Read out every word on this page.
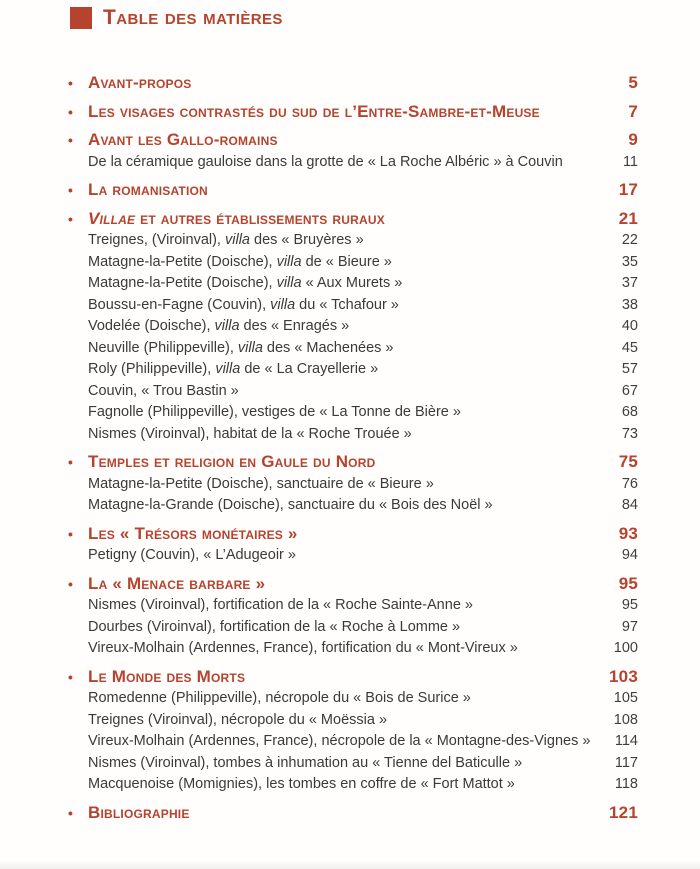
Table des matières
• Avant-propos	5
• Les visages contrastés du sud de l’Entre-Sambre-et-Meuse	7
• Avant les Gallo-romains	9
De la céramique gauloise dans la grotte de « La Roche Albéric » à Couvin	11
• La romanisation	17
• Villae et autres établissements ruraux	21
Treignes, (Viroinval), villa des « Bruyères »	22
Matagne-la-Petite (Doische), villa de « Bieure »	35
Matagne-la-Petite (Doische), villa « Aux Murets »	37
Boussu-en-Fagne (Couvin), villa du « Tchafour »	38
Vodelée (Doische), villa des « Enragés »	40
Neuville (Philippeville), villa des « Machenées »	45
Roly (Philippeville), villa de « La Crayellerie »	57
Couvin, « Trou Bastin »	67
Fagnolle (Philippeville), vestiges de « La Tonne de Bière »	68
Nismes (Viroinval), habitat de la « Roche Trouée »	73
• Temples et religion en Gaule du Nord	75
Matagne-la-Petite (Doische), sanctuaire de « Bieure »	76
Matagne-la-Grande (Doische), sanctuaire du « Bois des Noël »	84
• Les « Trésors monétaires »	93
Petigny (Couvin), « L’Adugeoir »	94
• La « Menace barbare »	95
Nismes (Viroinval), fortification de la « Roche Sainte-Anne »	95
Dourbes (Viroinval), fortification de la « Roche à Lomme »	97
Vireux-Molhain (Ardennes, France), fortification du « Mont-Vireux »	100
• Le Monde des Morts	103
Romedenne (Philippeville), nécropole du « Bois de Surice »	105
Treignes (Viroinval), nécropole du « Moëssia »	108
Vireux-Molhain (Ardennes, France), nécropole de la « Montagne-des-Vignes »	114
Nismes (Viroinval), tombes à inhumation au « Tienne del Baticulle »	117
Macquenoise (Momignies), les tombes en coffre de « Fort Mattot »	118
• Bibliographie	121
